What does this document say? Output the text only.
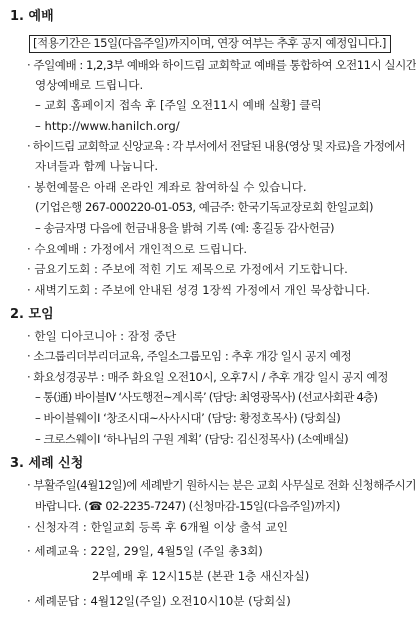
1. 예배
[적용기간은 15일(다음주일)까지이며, 연장 여부는 추후 공지 예정입니다.]
· 주일예배 : 1,2,3부 예배와 하이드림 교회학교 예배를 통합하여 오전11시 실시간
영상예배로 드립니다.
– 교회 홈페이지 접속 후 [주일 오전11시 예배 실황] 클릭
– http://www.hanilch.org/
· 하이드림 교회학교 신앙교육 : 각 부서에서 전달된 내용(영상 및 자료)을 가정에서
자녀들과 함께 나눕니다.
· 봉헌예물은 아래 온라인 계좌로 참여하실 수 있습니다.
(기업은행 267-000220-01-053, 예금주: 한국기독교장로회 한일교회)
– 송금자명 다음에 헌금내용을 밝혀 기록 (예: 홍길동 감사헌금)
· 수요예배 : 가정에서 개인적으로 드립니다.
· 금요기도회 : 주보에 적힌 기도 제목으로 가정에서 기도합니다.
· 새벽기도회 : 주보에 안내된 성경 1장씩 가정에서 개인 묵상합니다.
2. 모임
· 한일 디아코니아 : 잠정 중단
· 소그룹리더부리더교육, 주일소그룹모임 : 추후 개강 일시 공지 예정
· 화요성경공부 : 매주 화요일 오전10시, 오후7시 / 추후 개강 일시 공지 예정
– 통(通) 바이블Ⅳ ‘사도행전~계시록’ (담당: 최영광목사) (선교사회관 4층)
– 바이블웨이Ⅰ ‘창조시대~사사시대’ (담당: 황정호목사) (당회실)
– 크로스웨이Ⅰ ‘하나님의 구원 계획’ (담당: 김신정목사) (소예배실)
3. 세례 신청
· 부활주일(4월12일)에 세례받기 원하시는 분은 교회 사무실로 전화 신청해주시기
바랍니다. (☎ 02-2235-7247) (신청마감-15일(다음주일)까지)
· 신청자격 : 한일교회 등록 후 6개월 이상 출석 교인
· 세례교육 : 22일, 29일, 4월5일 (주일 총3회)
2부예배 후 12시15분 (본관 1층 새신자실)
· 세례문답 : 4월12일(주일) 오전10시10분 (당회실)
